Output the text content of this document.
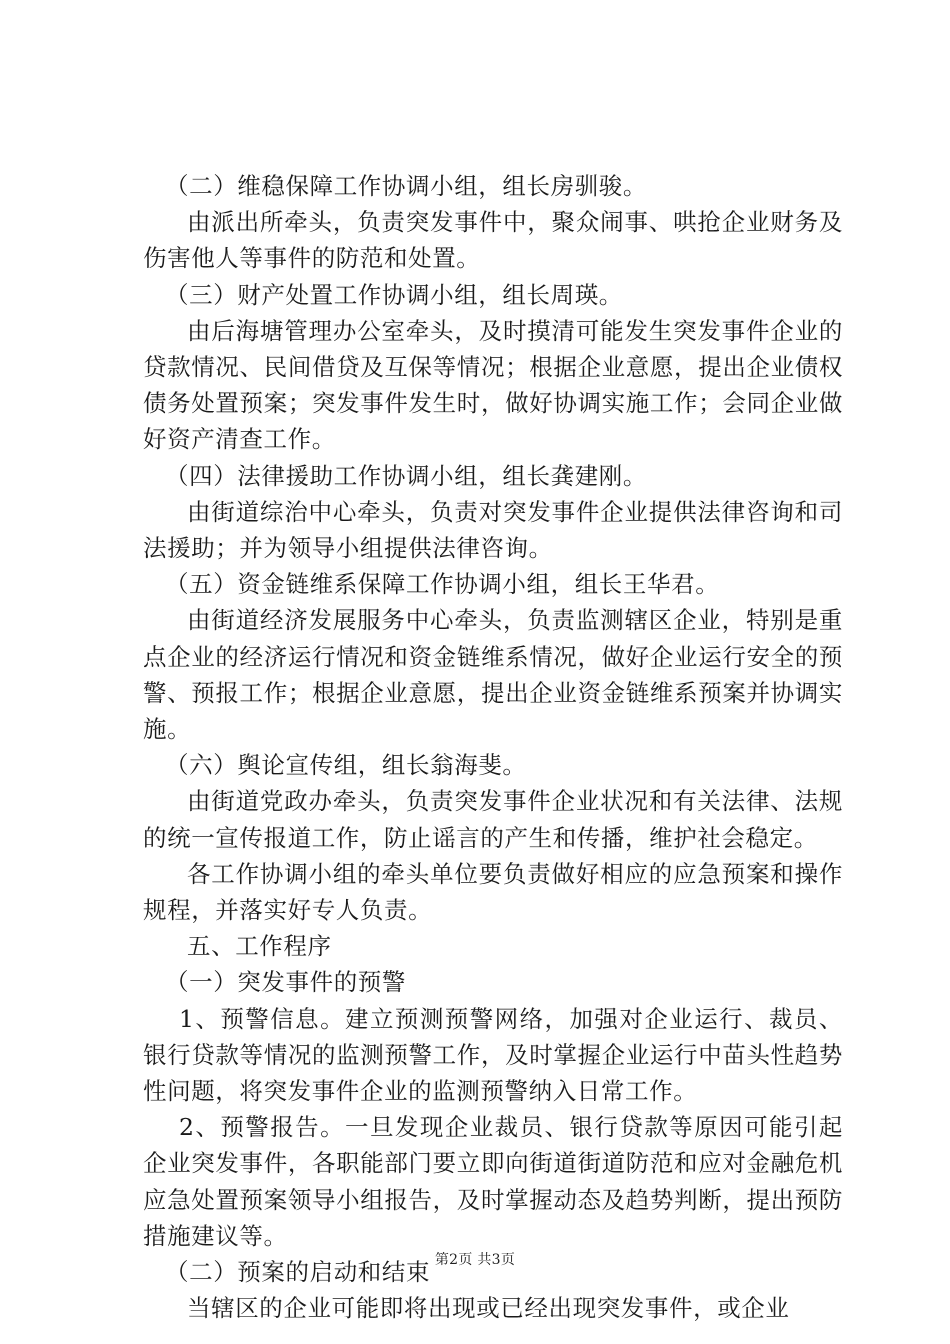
（二）维稳保障工作协调小组，组长房驯骏。

由派出所牵头，负责突发事件中，聚众闹事、哄抢企业财务及伤害他人等事件的防范和处置。

（三）财产处置工作协调小组，组长周瑛。

由后海塘管理办公室牵头，及时摸清可能发生突发事件企业的贷款情况、民间借贷及互保等情况；根据企业意愿，提出企业债权债务处置预案；突发事件发生时，做好协调实施工作；会同企业做好资产清查工作。

（四）法律援助工作协调小组，组长龚建刚。

由街道综治中心牵头，负责对突发事件企业提供法律咨询和司法援助；并为领导小组提供法律咨询。

（五）资金链维系保障工作协调小组，组长王华君。

由街道经济发展服务中心牵头，负责监测辖区企业，特别是重点企业的经济运行情况和资金链维系情况，做好企业运行安全的预警、预报工作；根据企业意愿，提出企业资金链维系预案并协调实施。

（六）舆论宣传组，组长翁海斐。

由街道党政办牵头，负责突发事件企业状况和有关法律、法规的统一宣传报道工作，防止谣言的产生和传播，维护社会稳定。

各工作协调小组的牵头单位要负责做好相应的应急预案和操作规程，并落实好专人负责。

五、工作程序

（一）突发事件的预警

1、预警信息。建立预测预警网络，加强对企业运行、裁员、银行贷款等情况的监测预警工作，及时掌握企业运行中苗头性趋势性问题，将突发事件企业的监测预警纳入日常工作。

2、预警报告。一旦发现企业裁员、银行贷款等原因可能引起企业突发事件，各职能部门要立即向街道街道防范和应对金融危机应急处置预案领导小组报告，及时掌握动态及趋势判断，提出预防措施建议等。

（二）预案的启动和结束

当辖区的企业可能即将出现或已经出现突发事件，或企业

第2页 共3页
